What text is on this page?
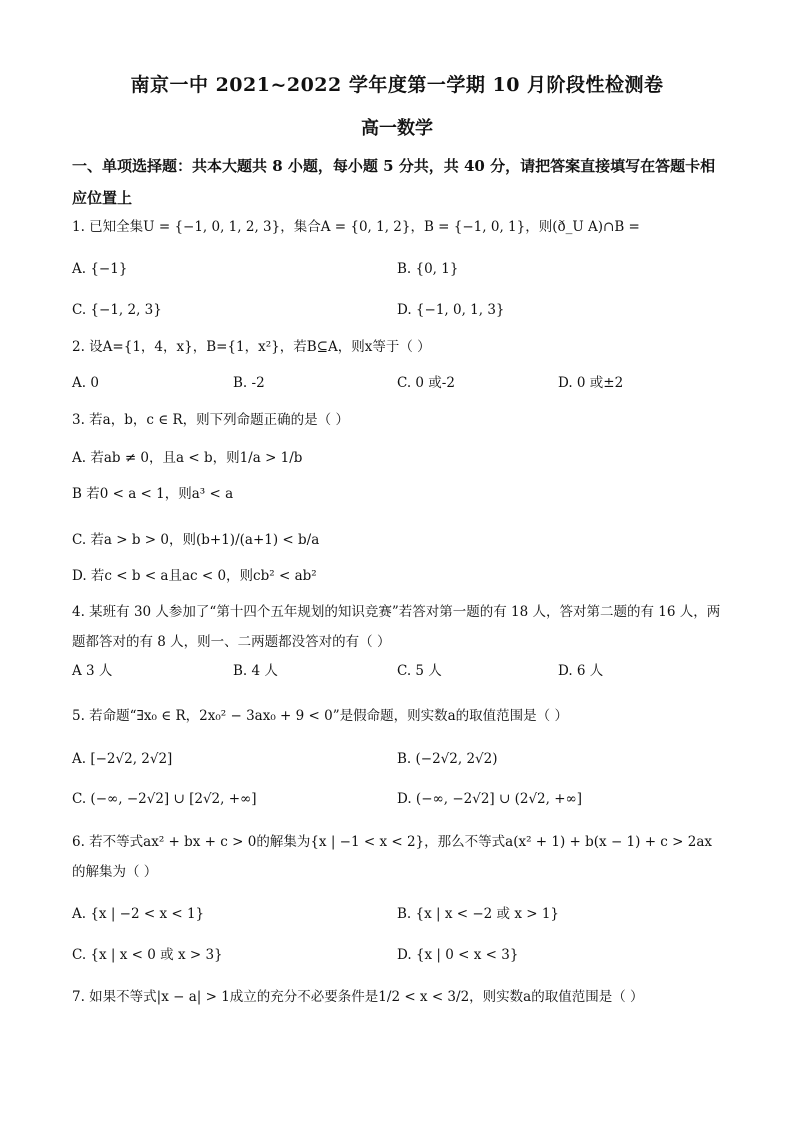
南京一中 2021~2022 学年度第一学期 10 月阶段性检测卷
高一数学
一、单项选择题：共本大题共 8 小题，每小题 5 分共，共 40 分，请把答案直接填写在答题卡相应位置上
1. 已知全集U = {−1, 0, 1, 2, 3}，集合A = {0, 1, 2}，B = {−1, 0, 1}，则(ð_U A)∩B =
A. {−1}	B. {0, 1}
C. {−1, 2, 3}	D. {−1, 0, 1, 3}
2. 设A={1，4，x}，B={1，x²}，若B⊆A，则x等于（ ）
A. 0	B. -2	C. 0 或-2	D. 0 或±2
3. 若a，b，c ∈ R，则下列命题正确的是（ ）
A. 若ab ≠ 0，且a < b，则1/a > 1/b
B 若0 < a < 1，则a³ < a
C. 若a > b > 0，则(b+1)/(a+1) < b/a
D. 若c < b < a且ac < 0，则cb² < ab²
4. 某班有 30 人参加了“第十四个五年规划的知识竞赛”若答对第一题的有 18 人，答对第二题的有 16 人，两题都答对的有 8 人，则一、二两题都没答对的有（ ）
A 3 人	B. 4 人	C. 5 人	D. 6 人
5. 若命题“∃x₀ ∈ R，2x₀² − 3ax₀ + 9 < 0”是假命题，则实数a的取值范围是（ ）
A. [−2√2, 2√2]	B. (−2√2, 2√2)
C. (−∞, −2√2] ∪ [2√2, +∞]	D. (−∞, −2√2] ∪ (2√2, +∞]
6. 若不等式ax² + bx + c > 0的解集为{x | −1 < x < 2}，那么不等式a(x² + 1) + b(x − 1) + c > 2ax的解集为（ ）
A. {x | −2 < x < 1}	B. {x | x < −2 或 x > 1}
C. {x | x < 0 或 x > 3}	D. {x | 0 < x < 3}
7. 如果不等式|x − a| > 1成立的充分不必要条件是1/2 < x < 3/2，则实数a的取值范围是（ ）
